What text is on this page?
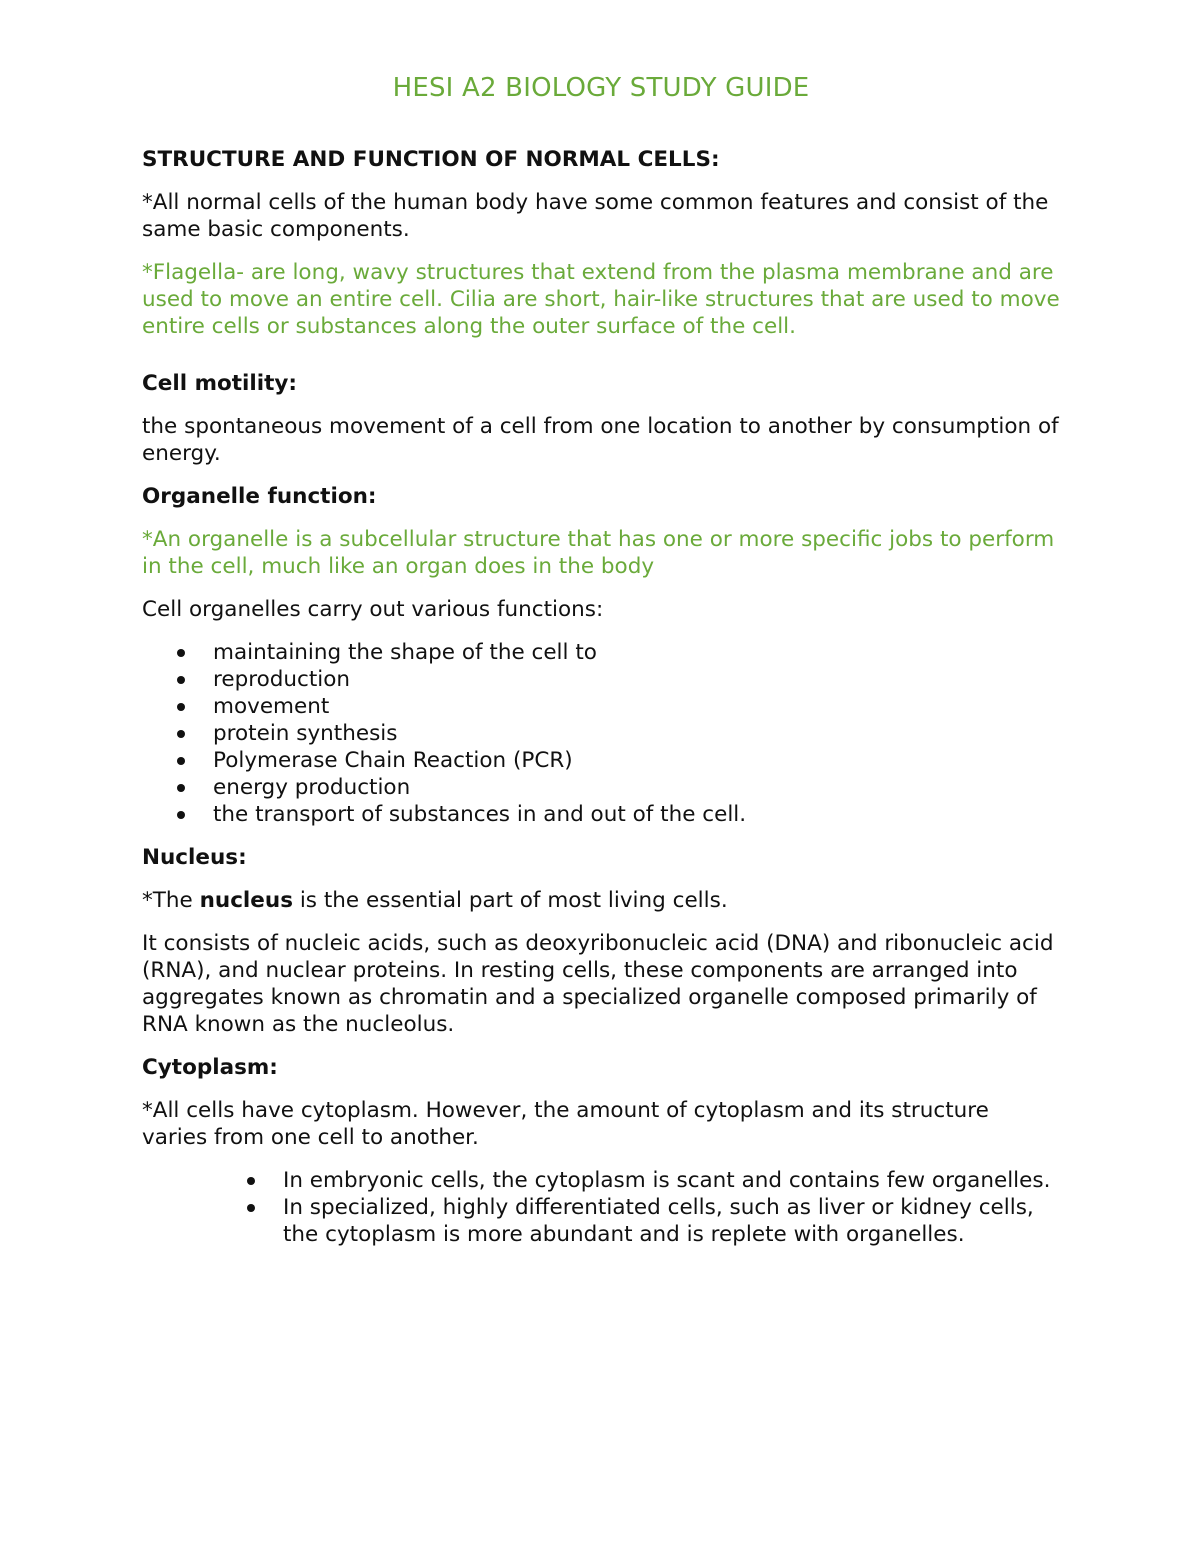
HESI A2 BIOLOGY STUDY GUIDE
STRUCTURE AND FUNCTION OF NORMAL CELLS:

*All normal cells of the human body have some common features and consist of the same basic components.

*Flagella- are long, wavy structures that extend from the plasma membrane and are used to move an entire cell. Cilia are short, hair-like structures that are used to move entire cells or substances along the outer surface of the cell.

Cell motility:

the spontaneous movement of a cell from one location to another by consumption of energy.

Organelle function:

*An organelle is a subcellular structure that has one or more specific jobs to perform in the cell, much like an organ does in the body

Cell organelles carry out various functions:

maintaining the shape of the cell to
reproduction
movement
protein synthesis
Polymerase Chain Reaction (PCR)
energy production
the transport of substances in and out of the cell.
Nucleus:

*The nucleus is the essential part of most living cells.

It consists of nucleic acids, such as deoxyribonucleic acid (DNA) and ribonucleic acid (RNA), and nuclear proteins. In resting cells, these components are arranged into aggregates known as chromatin and a specialized organelle composed primarily of RNA known as the nucleolus.

Cytoplasm:

*All cells have cytoplasm. However, the amount of cytoplasm and its structure varies from one cell to another.

In embryonic cells, the cytoplasm is scant and contains few organelles.
In specialized, highly differentiated cells, such as liver or kidney cells, the cytoplasm is more abundant and is replete with organelles.
